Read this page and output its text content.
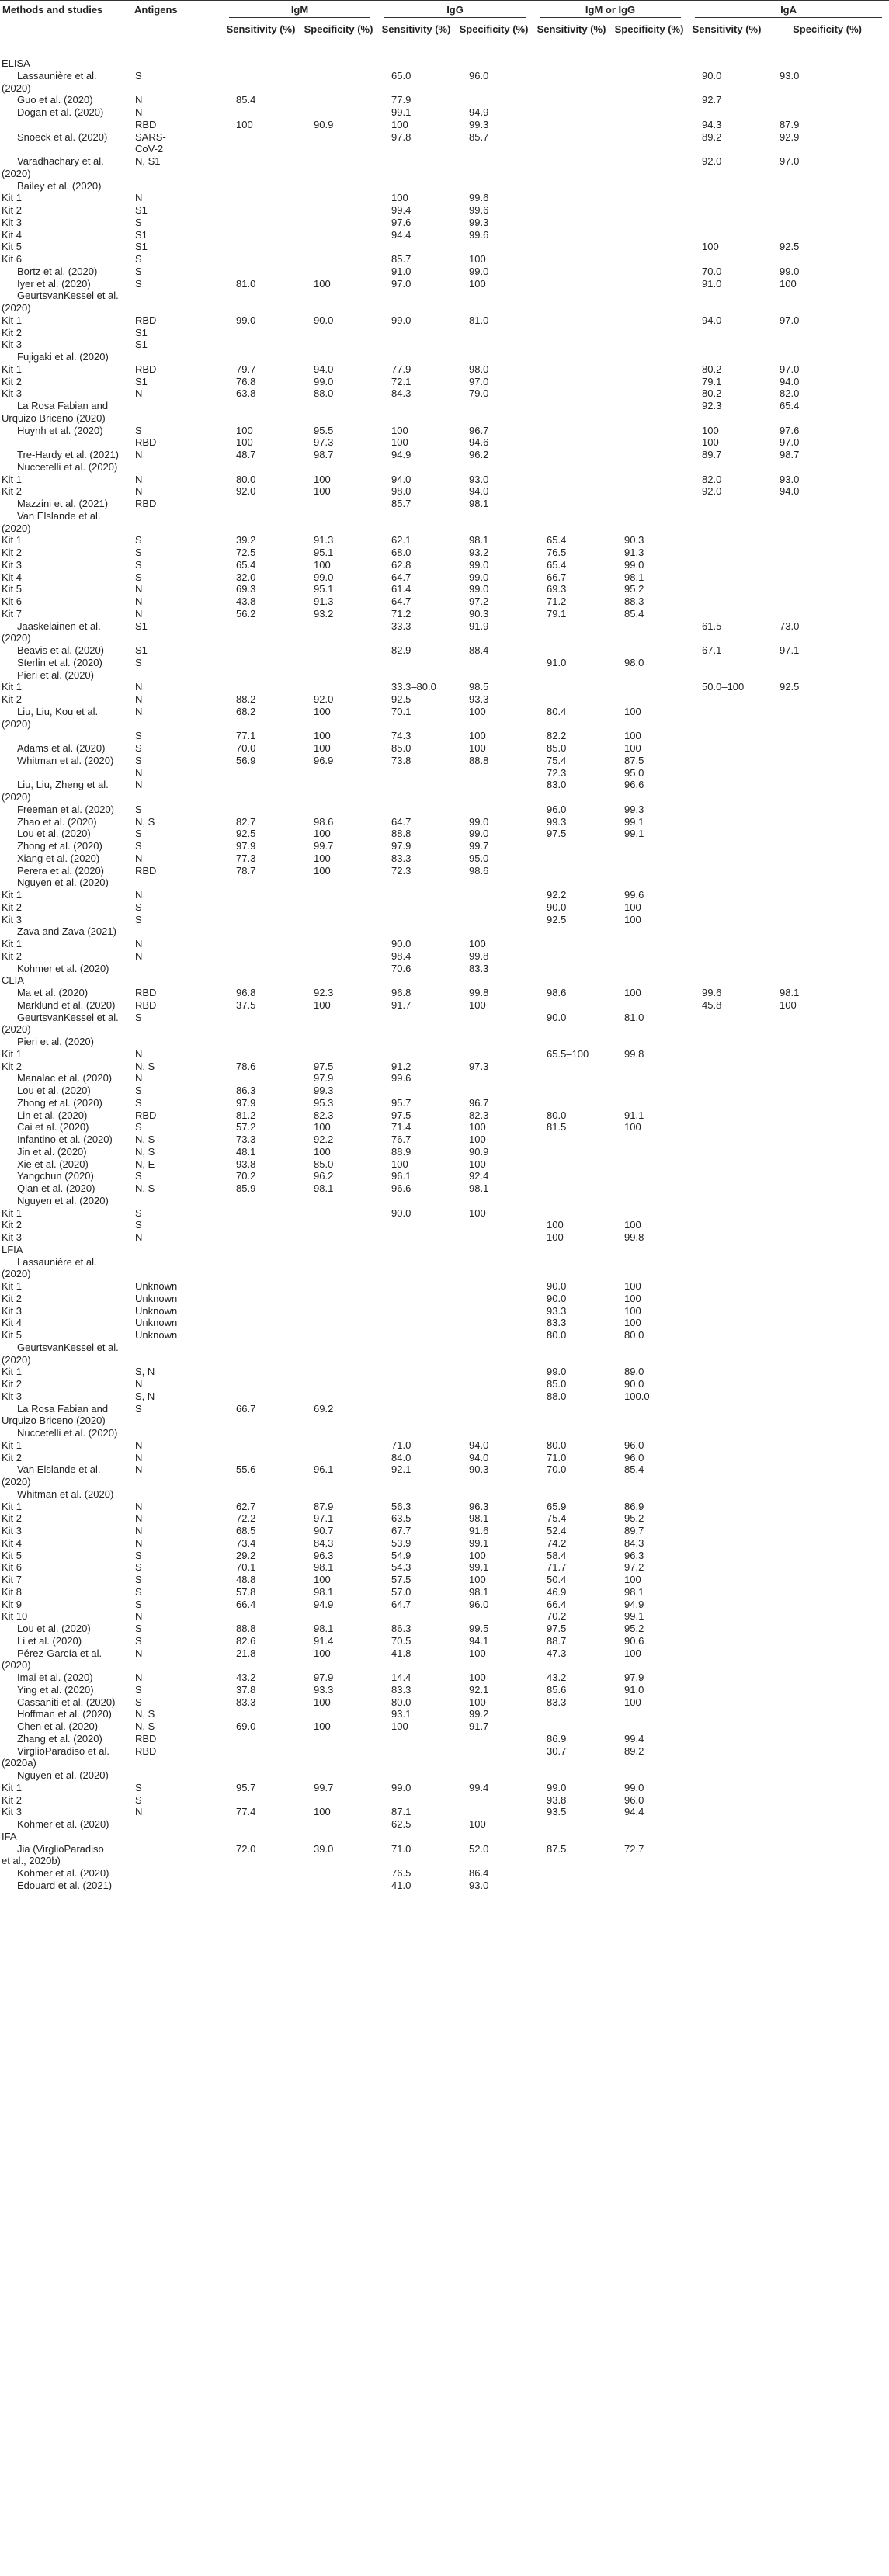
Methods and studies	Antigens	IgM		IgG		IgM or IgG		IgA	

		Sensitivity (%)	Specificity (%)	Sensitivity (%)	Specificity (%)	Sensitivity (%)	Specificity (%)	Sensitivity (%)	Specificity (%)
ELISA									
Lassaunière et al.	S			65.0	96.0			90.0	93.0
(2020)									
Guo et al. (2020)	N	85.4		77.9				92.7	
Dogan et al. (2020)	N			99.1	94.9				
	RBD	100	90.9	100	99.3			94.3	87.9
Snoeck et al. (2020)	SARS-			97.8	85.7			89.2	92.9
	CoV-2								
Varadhachary et al.	N, S1							92.0	97.0
(2020)									
Bailey et al. (2020)									
Kit 1	N			100	99.6				
Kit 2	S1			99.4	99.6				
Kit 3	S			97.6	99.3				
Kit 4	S1			94.4	99.6				
Kit 5	S1							100	92.5
Kit 6	S			85.7	100				
Bortz et al. (2020)	S			91.0	99.0			70.0	99.0
Iyer et al. (2020)	S	81.0	100	97.0	100			91.0	100
GeurtsvanKessel et al.									
(2020)									
Kit 1	RBD	99.0	90.0	99.0	81.0			94.0	97.0
Kit 2	S1								
Kit 3	S1								
Fujigaki et al. (2020)									
Kit 1	RBD	79.7	94.0	77.9	98.0			80.2	97.0
Kit 2	S1	76.8	99.0	72.1	97.0			79.1	94.0
Kit 3	N	63.8	88.0	84.3	79.0			80.2	82.0
La Rosa Fabian and								92.3	65.4
Urquizo Briceno (2020)									
Huynh et al. (2020)	S	100	95.5	100	96.7			100	97.6
	RBD	100	97.3	100	94.6			100	97.0
Tre-Hardy et al. (2021)	N	48.7	98.7	94.9	96.2			89.7	98.7
Nuccetelli et al. (2020)									
Kit 1	N	80.0	100	94.0	93.0			82.0	93.0
Kit 2	N	92.0	100	98.0	94.0			92.0	94.0
Mazzini et al. (2021)	RBD			85.7	98.1				
Van Elslande et al.									
(2020)									
Kit 1	S	39.2	91.3	62.1	98.1	65.4	90.3		
Kit 2	S	72.5	95.1	68.0	93.2	76.5	91.3		
Kit 3	S	65.4	100	62.8	99.0	65.4	99.0		
Kit 4	S	32.0	99.0	64.7	99.0	66.7	98.1		
Kit 5	N	69.3	95.1	61.4	99.0	69.3	95.2		
Kit 6	N	43.8	91.3	64.7	97.2	71.2	88.3		
Kit 7	N	56.2	93.2	71.2	90.3	79.1	85.4		
Jaaskelainen et al.	S1			33.3	91.9			61.5	73.0
(2020)									
Beavis et al. (2020)	S1			82.9	88.4			67.1	97.1
Sterlin et al. (2020)	S					91.0	98.0		
Pieri et al. (2020)									
Kit 1	N			33.3–80.0	98.5			50.0–100	92.5
Kit 2	N	88.2	92.0	92.5	93.3				
Liu, Liu, Kou et al.	N	68.2	100	70.1	100	80.4	100		
(2020)									
	S	77.1	100	74.3	100	82.2	100		
Adams et al. (2020)	S	70.0	100	85.0	100	85.0	100		
Whitman et al. (2020)	S	56.9	96.9	73.8	88.8	75.4	87.5		
	N					72.3	95.0		
Liu, Liu, Zheng et al.	N					83.0	96.6		
(2020)									
Freeman et al. (2020)	S					96.0	99.3		
Zhao et al. (2020)	N, S	82.7	98.6	64.7	99.0	99.3	99.1		
Lou et al. (2020)	S	92.5	100	88.8	99.0	97.5	99.1		
Zhong et al. (2020)	S	97.9	99.7	97.9	99.7				
Xiang et al. (2020)	N	77.3	100	83.3	95.0				
Perera et al. (2020)	RBD	78.7	100	72.3	98.6				
Nguyen et al. (2020)									
Kit 1	N					92.2	99.6		
Kit 2	S					90.0	100		
Kit 3	S					92.5	100		
Zava and Zava (2021)									
Kit 1	N			90.0	100				
Kit 2	N			98.4	99.8				
Kohmer et al. (2020)				70.6	83.3				
CLIA									
Ma et al. (2020)	RBD	96.8	92.3	96.8	99.8	98.6	100	99.6	98.1
Marklund et al. (2020)	RBD	37.5	100	91.7	100			45.8	100
GeurtsvanKessel et al.	S					90.0	81.0		
(2020)									
Pieri et al. (2020)									
Kit 1	N					65.5–100	99.8		
Kit 2	N, S	78.6	97.5	91.2	97.3				
Manalac et al. (2020)	N		97.9	99.6					
Lou et al. (2020)	S	86.3	99.3						
Zhong et al. (2020)	S	97.9	95.3	95.7	96.7				
Lin et al. (2020)	RBD	81.2	82.3	97.5	82.3	80.0	91.1		
Cai et al. (2020)	S	57.2	100	71.4	100	81.5	100		
Infantino et al. (2020)	N, S	73.3	92.2	76.7	100				
Jin et al. (2020)	N, S	48.1	100	88.9	90.9				
Xie et al. (2020)	N, E	93.8	85.0	100	100				
Yangchun (2020)	S	70.2	96.2	96.1	92.4				
Qian et al. (2020)	N, S	85.9	98.1	96.6	98.1				
Nguyen et al. (2020)									
Kit 1	S			90.0	100				
Kit 2	S					100	100		
Kit 3	N					100	99.8		
LFIA									
Lassaunière et al.									
(2020)									
Kit 1	Unknown					90.0	100		
Kit 2	Unknown					90.0	100		
Kit 3	Unknown					93.3	100		
Kit 4	Unknown					83.3	100		
Kit 5	Unknown					80.0	80.0		
GeurtsvanKessel et al.									
(2020)									
Kit 1	S, N					99.0	89.0		
Kit 2	N					85.0	90.0		
Kit 3	S, N					88.0	100.0		
La Rosa Fabian and	S	66.7	69.2						
Urquizo Briceno (2020)									
Nuccetelli et al. (2020)									
Kit 1	N			71.0	94.0	80.0	96.0		
Kit 2	N			84.0	94.0	71.0	96.0		
Van Elslande et al.	N	55.6	96.1	92.1	90.3	70.0	85.4		
(2020)									
Whitman et al. (2020)									
Kit 1	N	62.7	87.9	56.3	96.3	65.9	86.9		
Kit 2	N	72.2	97.1	63.5	98.1	75.4	95.2		
Kit 3	N	68.5	90.7	67.7	91.6	52.4	89.7		
Kit 4	N	73.4	84.3	53.9	99.1	74.2	84.3		
Kit 5	S	29.2	96.3	54.9	100	58.4	96.3		
Kit 6	S	70.1	98.1	54.3	99.1	71.7	97.2		
Kit 7	S	48.8	100	57.5	100	50.4	100		
Kit 8	S	57.8	98.1	57.0	98.1	46.9	98.1		
Kit 9	S	66.4	94.9	64.7	96.0	66.4	94.9		
Kit 10	N					70.2	99.1		
Lou et al. (2020)	S	88.8	98.1	86.3	99.5	97.5	95.2		
Li et al. (2020)	S	82.6	91.4	70.5	94.1	88.7	90.6		
Pérez-García et al.	N	21.8	100	41.8	100	47.3	100		
(2020)									
Imai et al. (2020)	N	43.2	97.9	14.4	100	43.2	97.9		
Ying et al. (2020)	S	37.8	93.3	83.3	92.1	85.6	91.0		
Cassaniti et al. (2020)	S	83.3	100	80.0	100	83.3	100		
Hoffman et al. (2020)	N, S			93.1	99.2				
Chen et al. (2020)	N, S	69.0	100	100	91.7				
Zhang et al. (2020)	RBD					86.9	99.4		
VirglioParadiso et al.	RBD					30.7	89.2		
(2020a)									
Nguyen et al. (2020)									
Kit 1	S	95.7	99.7	99.0	99.4	99.0	99.0		
Kit 2	S					93.8	96.0		
Kit 3	N	77.4	100	87.1		93.5	94.4		
Kohmer et al. (2020)				62.5	100				
IFA									
Jia (VirglioParadiso		72.0	39.0	71.0	52.0	87.5	72.7		
et al., 2020b)									
Kohmer et al. (2020)				76.5	86.4				
Edouard et al. (2021)				41.0	93.0				
